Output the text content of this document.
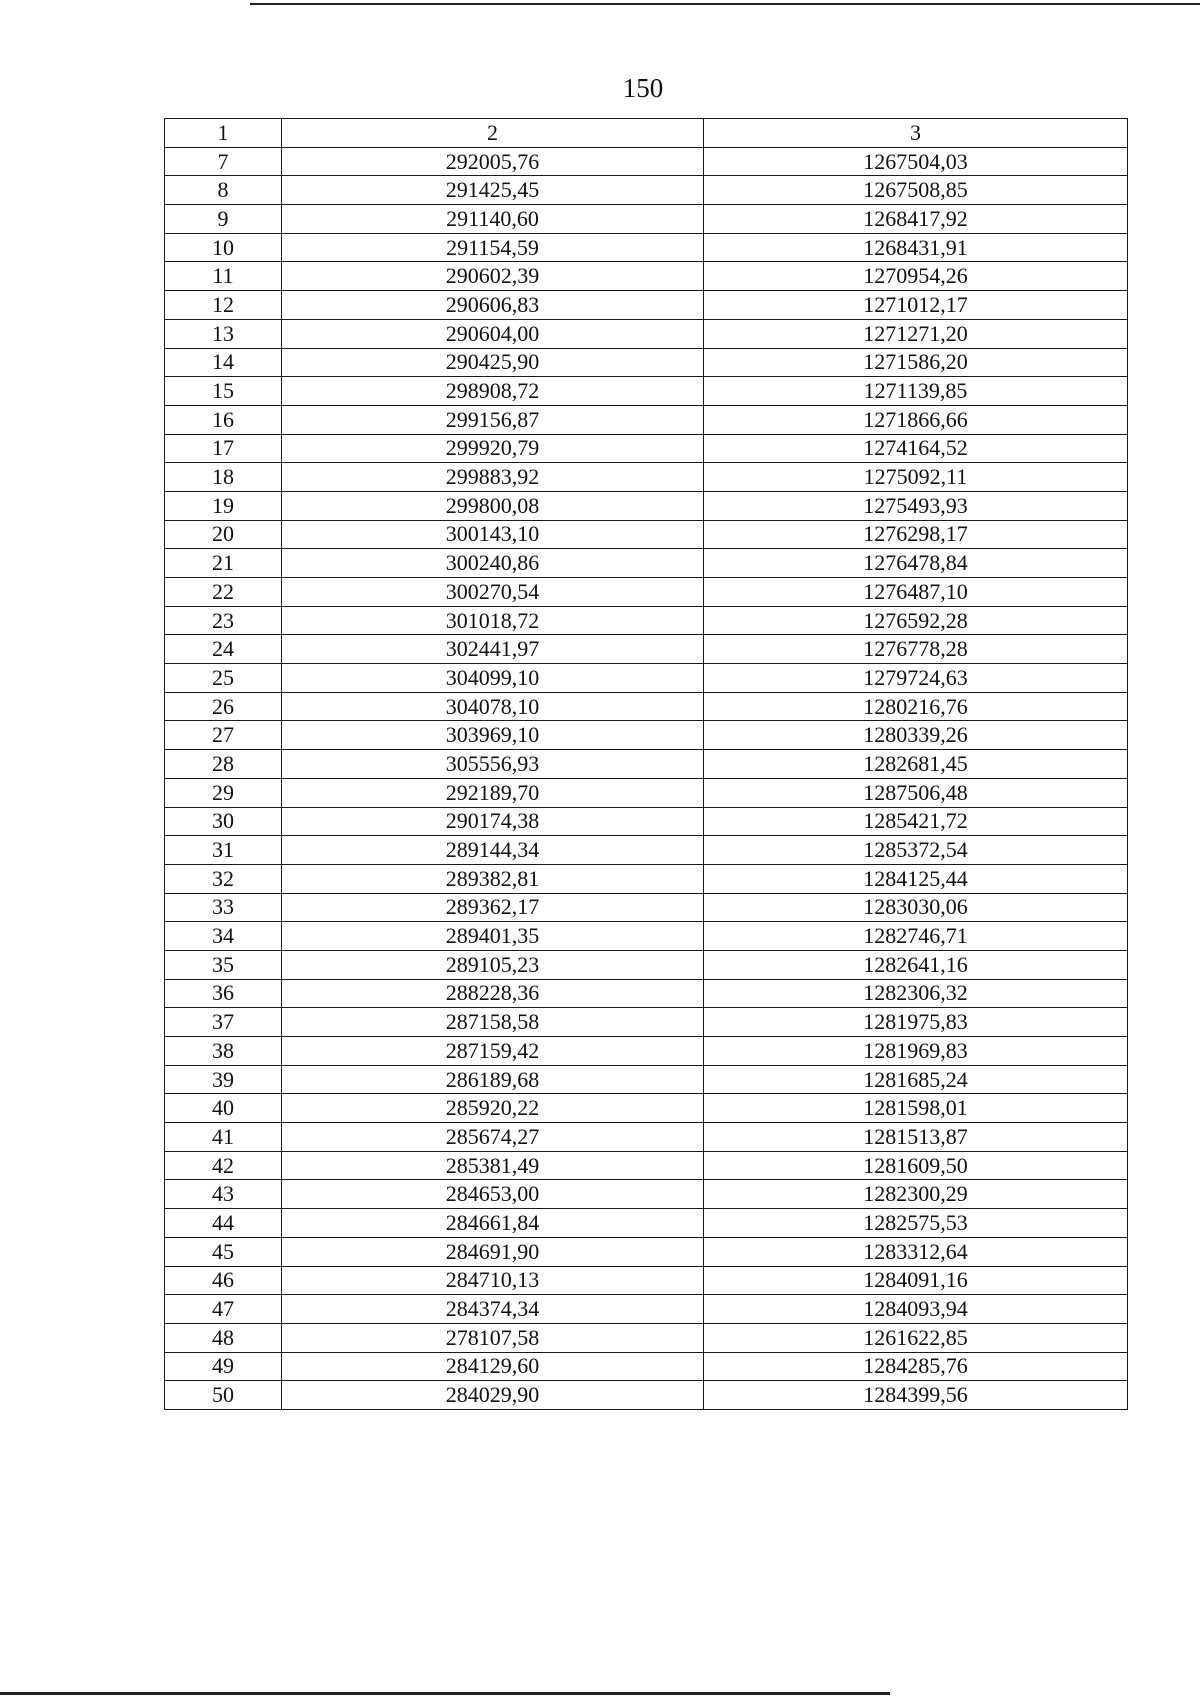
150
1	2	3
7	292005,76	1267504,03
8	291425,45	1267508,85
9	291140,60	1268417,92
10	291154,59	1268431,91
11	290602,39	1270954,26
12	290606,83	1271012,17
13	290604,00	1271271,20
14	290425,90	1271586,20
15	298908,72	1271139,85
16	299156,87	1271866,66
17	299920,79	1274164,52
18	299883,92	1275092,11
19	299800,08	1275493,93
20	300143,10	1276298,17
21	300240,86	1276478,84
22	300270,54	1276487,10
23	301018,72	1276592,28
24	302441,97	1276778,28
25	304099,10	1279724,63
26	304078,10	1280216,76
27	303969,10	1280339,26
28	305556,93	1282681,45
29	292189,70	1287506,48
30	290174,38	1285421,72
31	289144,34	1285372,54
32	289382,81	1284125,44
33	289362,17	1283030,06
34	289401,35	1282746,71
35	289105,23	1282641,16
36	288228,36	1282306,32
37	287158,58	1281975,83
38	287159,42	1281969,83
39	286189,68	1281685,24
40	285920,22	1281598,01
41	285674,27	1281513,87
42	285381,49	1281609,50
43	284653,00	1282300,29
44	284661,84	1282575,53
45	284691,90	1283312,64
46	284710,13	1284091,16
47	284374,34	1284093,94
48	278107,58	1261622,85
49	284129,60	1284285,76
50	284029,90	1284399,56
